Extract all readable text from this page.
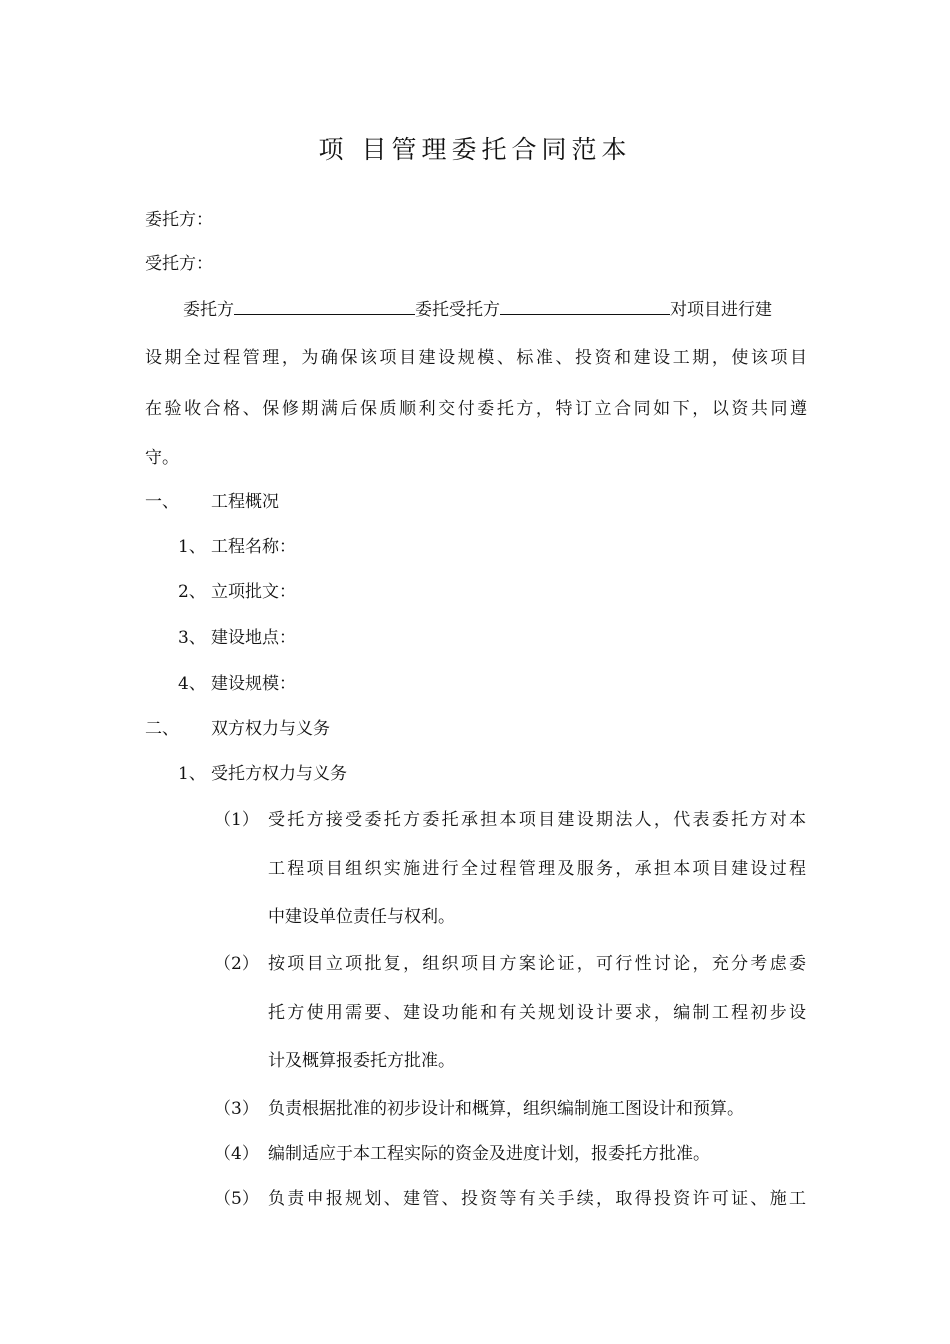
项 目管理委托合同范本
委托方：
受托方：
委托方	委托受托方	对项目进行建
设期全过程管理，为确保该项目建设规模、标准、投资和建设工期，使该项目
在验收合格、保修期满后保质顺利交付委托方，特订立合同如下，以资共同遵
守。
一、 工程概况
1、 工程名称：
2、 立项批文：
3、 建设地点：
4、 建设规模：
二、 双方权力与义务
1、 受托方权力与义务
（1） 受托方接受委托方委托承担本项目建设期法人，代表委托方对本
工程项目组织实施进行全过程管理及服务，承担本项目建设过程
中建设单位责任与权利。
（2） 按项目立项批复，组织项目方案论证，可行性讨论，充分考虑委
托方使用需要、建设功能和有关规划设计要求，编制工程初步设
计及概算报委托方批准。
（3） 负责根据批准的初步设计和概算，组织编制施工图设计和预算。
（4） 编制适应于本工程实际的资金及进度计划，报委托方批准。
（5） 负责申报规划、建管、投资等有关手续，取得投资许可证、施工
